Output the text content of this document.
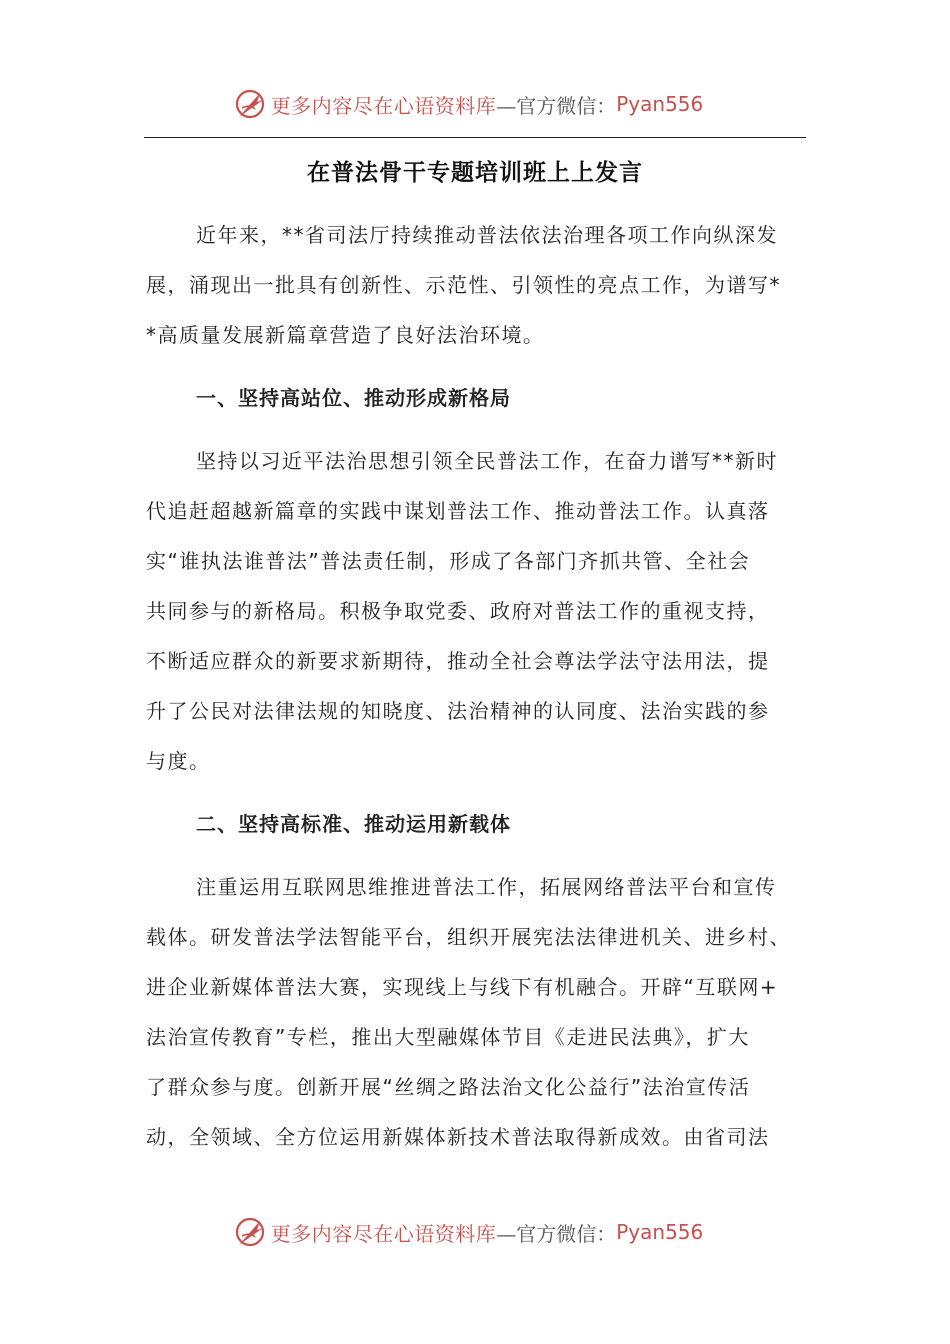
更多内容尽在心语资料库 —官方微信： Pyan556
在普法骨干专题培训班上上发言
近年来，**省司法厅持续推动普法依法治理各项工作向纵深发
展，涌现出一批具有创新性、示范性、引领性的亮点工作，为谱写*
*高质量发展新篇章营造了良好法治环境。
一、坚持高站位、推动形成新格局
坚持以习近平法治思想引领全民普法工作，在奋力谱写**新时
代追赶超越新篇章的实践中谋划普法工作、推动普法工作。认真落
实“谁执法谁普法”普法责任制，形成了各部门齐抓共管、全社会
共同参与的新格局。积极争取党委、政府对普法工作的重视支持，
不断适应群众的新要求新期待，推动全社会尊法学法守法用法，提
升了公民对法律法规的知晓度、法治精神的认同度、法治实践的参
与度。
二、坚持高标准、推动运用新载体
注重运用互联网思维推进普法工作，拓展网络普法平台和宣传
载体。研发普法学法智能平台，组织开展宪法法律进机关、进乡村、
进企业新媒体普法大赛，实现线上与线下有机融合。开辟“互联网+
法治宣传教育”专栏，推出大型融媒体节目《走进民法典》，扩大
了群众参与度。创新开展“丝绸之路法治文化公益行”法治宣传活
动，全领域、全方位运用新媒体新技术普法取得新成效。由省司法
更多内容尽在心语资料库 —官方微信： Pyan556
